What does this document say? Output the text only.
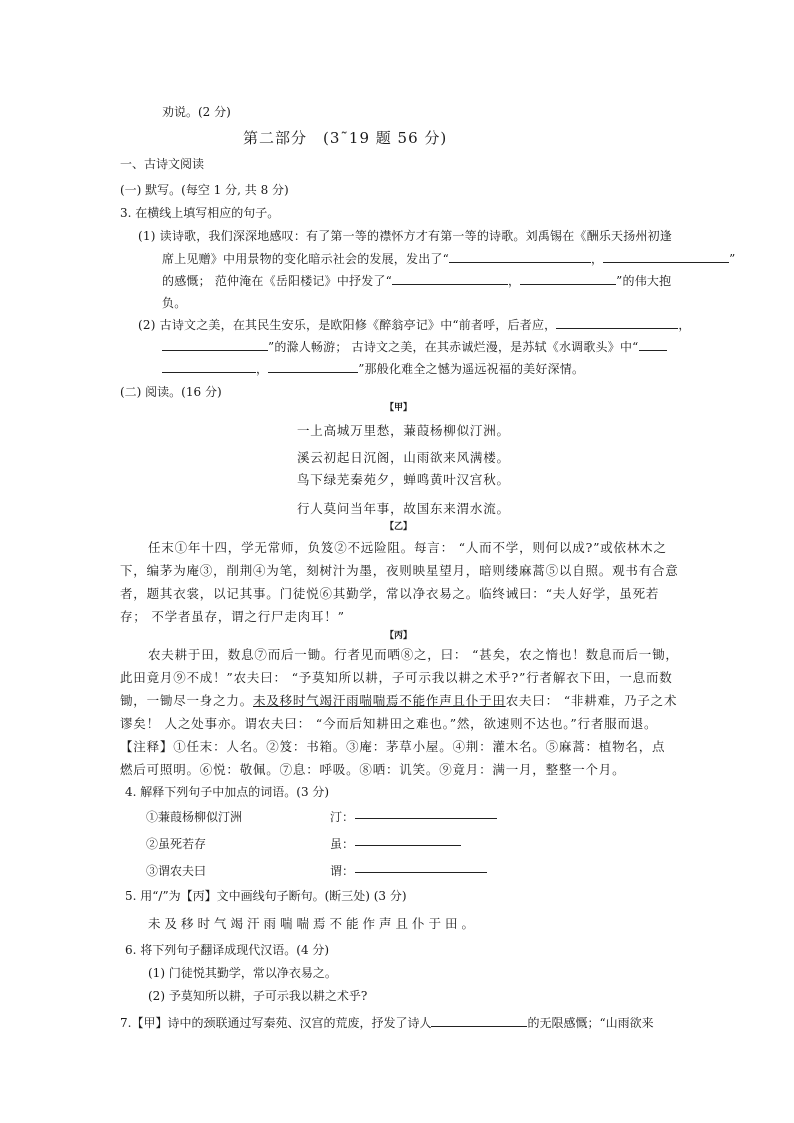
劝说。(2 分)
第二部分　(3˜19 题 56 分)
一、古诗文阅读
(一) 默写。(每空 1 分, 共 8 分)
3. 在横线上填写相应的句子。
(1) 读诗歌，我们深深地感叹：有了第一等的襟怀方才有第一等的诗歌。刘禹锡在《酬乐天扬州初逢
席上见赠》中用景物的变化暗示社会的发展，发出了“	，	”
的感慨； 范仲淹在《岳阳楼记》中抒发了“	，	”的伟大抱
负。
(2) 古诗文之美，在其民生安乐，是欧阳修《醉翁亭记》中“前者呼，后者应，	，
”的滁人畅游； 古诗文之美，在其赤诚烂漫，是苏轼《水调歌头》中“
，	”那般化难全之憾为遥远祝福的美好深情。
(二) 阅读。(16 分)
【甲】
一上高城万里愁，蒹葭杨柳似汀洲。
溪云初起日沉阁，山雨欲来风满楼。
鸟下绿芜秦苑夕，蝉鸣黄叶汉宫秋。
行人莫问当年事，故国东来渭水流。
【乙】
任末①年十四，学无常师，负笈②不远险阻。每言： “人而不学，则何以成?”或依林木之
下，编茅为庵③，削荆④为笔，刻树汁为墨，夜则映星望月，暗则缕麻蒿⑤以自照。观书有合意
者，题其衣裳，以记其事。门徒悦⑥其勤学，常以净衣易之。临终诫曰：“夫人好学，虽死若
存； 不学者虽存，谓之行尸走肉耳！”
【丙】
农夫耕于田，数息⑦而后一锄。行者见而哂⑧之，曰： “甚矣，农之惰也！数息而后一锄，
此田竟月⑨不成！”农夫曰： “予莫知所以耕，子可示我以耕之术乎?”行者解衣下田，一息而数
锄，一锄尽一身之力。未及移时气竭汗雨喘喘焉不能作声且仆于田农夫曰： “非耕难，乃子之术
谬矣！ 人之处事亦。谓农夫曰： “今而后知耕田之难也。”然，欲速则不达也。”行者服而退。
【注释】①任末：人名。②笈：书箱。③庵：茅草小屋。④荆：灌木名。⑤麻蒿：植物名，点
燃后可照明。⑥悦：敬佩。⑦息：呼吸。⑧哂：讥笑。⑨竟月：满一月，整整一个月。
4. 解释下列句子中加点的词语。(3 分)
①蒹葭杨柳似汀洲	汀：
②虽死若存	虽：
③谓农夫曰	谓：
5. 用“/”为【丙】文中画线句子断句。(断三处) (3 分)
未及移时气竭汗雨喘喘焉不能作声且仆于田。
6. 将下列句子翻译成现代汉语。(4 分)
(1) 门徒悦其勤学，常以净衣易之。
(2) 予莫知所以耕，子可示我以耕之术乎?
7.【甲】诗中的颈联通过写秦苑、汉宫的荒废，抒发了诗人	的无限感慨；“山雨欲来
